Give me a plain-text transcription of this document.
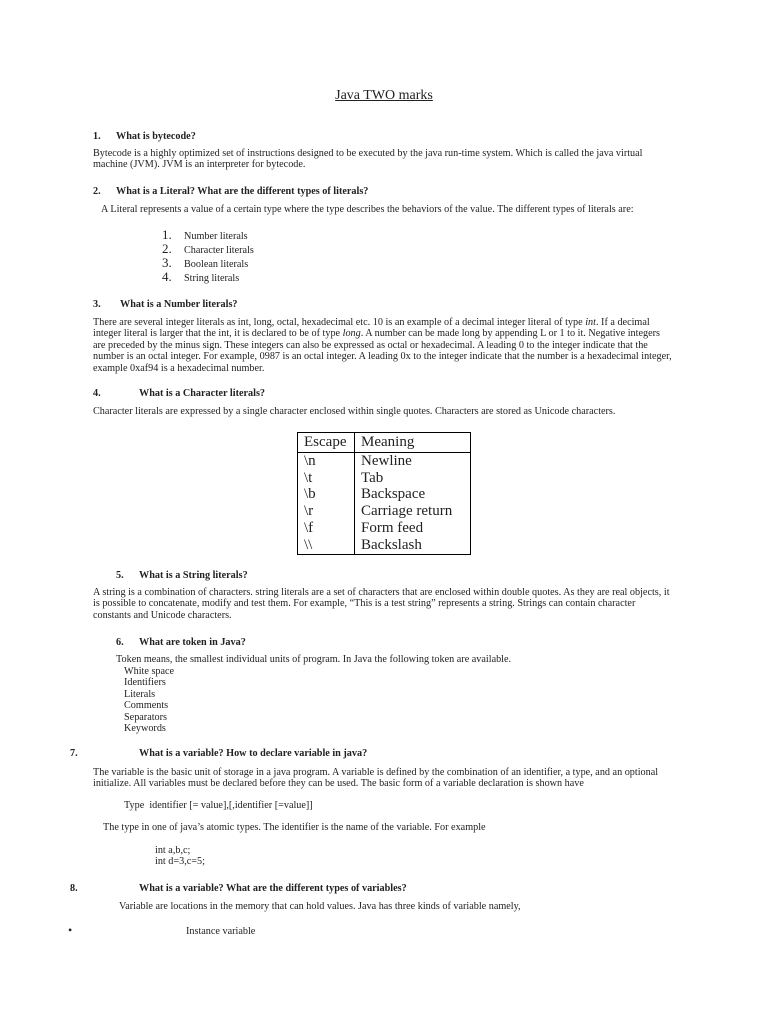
Java TWO marks
1. What is bytecode?

Bytecode is a highly optimized set of instructions designed to be executed by the java run-time system. Which is called the java virtual machine (JVM). JVM is an interpreter for bytecode.

2. What is a Literal? What are the different types of literals?

A Literal represents a value of a certain type where the type describes the behaviors of the value. The different types of literals are:

1.	Number literals
2.	Character literals
3.	Boolean literals
4.	String literals
3. What is a Number literals?

There are several integer literals as int, long, octal, hexadecimal etc. 10 is an example of a decimal integer literal of type int. If a decimal integer literal is larger that the int, it is declared to be of type long. A number can be made long by appending L or 1 to it. Negative integers are preceded by the minus sign. These integers can also be expressed as octal or hexadecimal. A leading 0 to the integer indicate that the number is an octal integer. For example, 0987 is an octal integer. A leading 0x to the integer indicate that the number is a hexadecimal integer, example 0xaf94 is a hexadecimal number.

4.	What is a Character literals?

Character literals are expressed by a single character enclosed within single quotes. Characters are stored as Unicode characters.

Escape	Meaning
\n	Newline
\t	Tab
\b	Backspace
\r	Carriage return
\f	Form feed
\\	Backslash
5. What is a String literals?

A string is a combination of characters. string literals are a set of characters that are enclosed within double quotes. As they are real objects, it is possible to concatenate, modify and test them. For example, “This is a test string” represents a string. Strings can contain character constants and Unicode characters.

6. What are token in Java?

Token means, the smallest individual units of program. In Java the following token are available.

White space
Identifiers
Literals
Comments
Separators
Keywords
7.	What is a variable? How to declare variable in java?

The variable is the basic unit of storage in a java program. A variable is defined by the combination of an identifier, a type, and an optional initialize. All variables must be declared before they can be used. The basic form of a variable declaration is shown have

Type  identifier [= value],[,identifier [=value]]

The type in one of java’s atomic types. The identifier is the name of the variable. For example

int a,b,c;
int d=3,c=5;
8.	What is a variable? What are the different types of variables?

Variable are locations in the memory that can hold values. Java has three kinds of variable namely,

•	Instance variable
